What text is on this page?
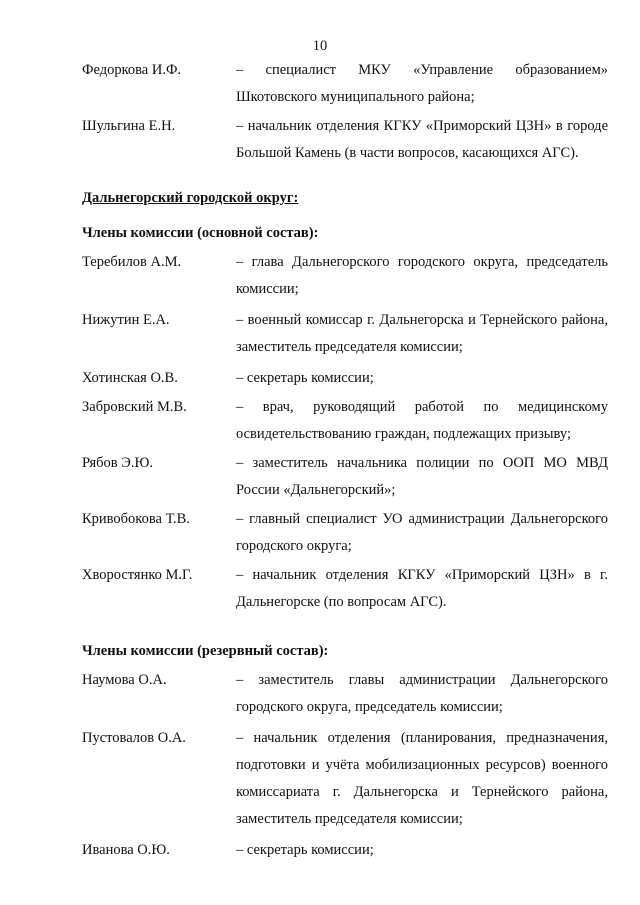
10
Федоркова И.Ф.	– специалист МКУ «Управление образованием» Шкотовского муниципального района;
Шульгина Е.Н.	– начальник отделения КГКУ «Приморский ЦЗН» в городе Большой Камень (в части вопросов, касающихся АГС).
Дальнегорский городской округ:
Члены комиссии (основной состав):
Теребилов А.М.	– глава Дальнегорского городского округа, председатель комиссии;
Нижутин Е.А.	– военный комиссар г. Дальнегорска и Тернейского района, заместитель председателя комиссии;
Хотинская О.В.	– секретарь комиссии;
Забровский М.В.	– врач, руководящий работой по медицинскому освидетельствованию граждан, подлежащих призыву;
Рябов Э.Ю.	– заместитель начальника полиции по ООП МО МВД России «Дальнегорский»;
Кривобокова Т.В.	– главный специалист УО администрации Дальнегорского городского округа;
Хворостянко М.Г.	– начальник отделения КГКУ «Приморский ЦЗН» в г. Дальнегорске (по вопросам АГС).
Члены комиссии (резервный состав):
Наумова О.А.	– заместитель главы администрации Дальнегорского городского округа, председатель комиссии;
Пустовалов О.А.	– начальник отделения (планирования, предназначения, подготовки и учёта мобилизационных ресурсов) военного комиссариата г. Дальнегорска и Тернейского района, заместитель председателя комиссии;
Иванова О.Ю.	– секретарь комиссии;
